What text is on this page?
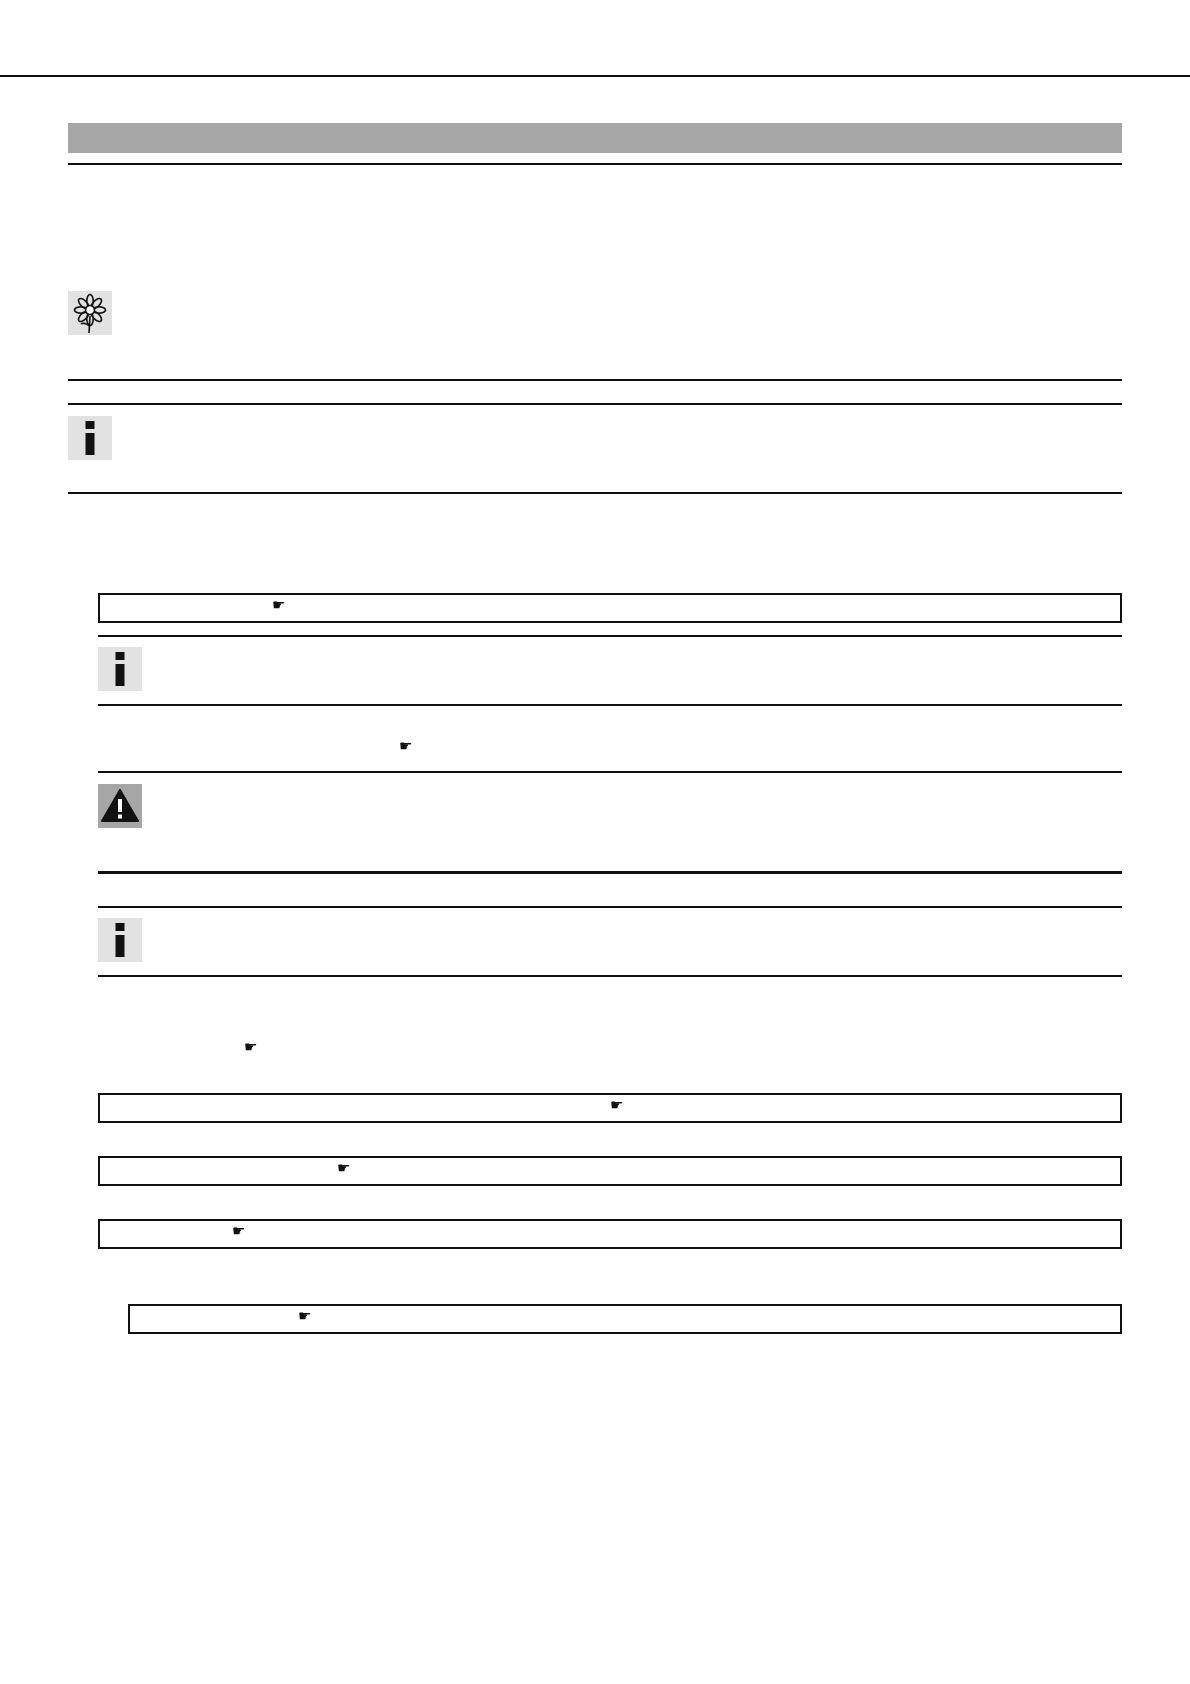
☛
☛
☛
☛
☛
☛
☛
